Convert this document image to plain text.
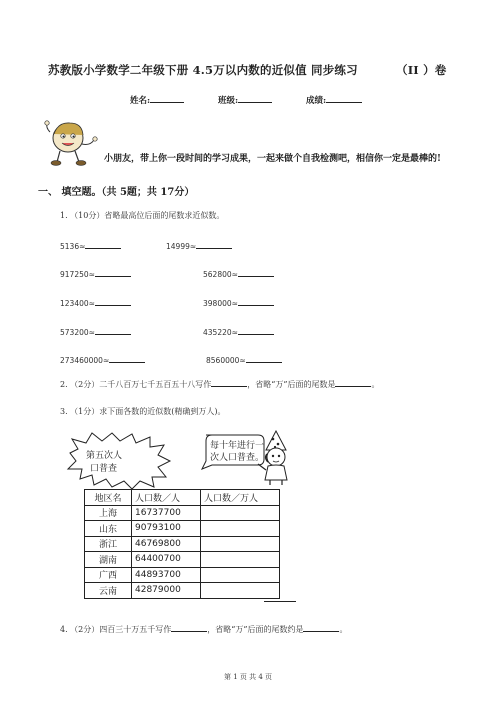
苏教版小学数学二年级下册 4.5万以内数的近似值 同步练习	（II ）卷
姓名:	班级:	成绩:
小朋友，带上你一段时间的学习成果，一起来做个自我检测吧，相信你一定是最棒的!
一、 填空题。（共 5题；共 17分）
1. （10分）省略最高位后面的尾数求近似数。
5136≈	14999≈
917250≈	562800≈
123400≈	398000≈
573200≈	435220≈
273460000≈	8560000≈
2. （2分）二千八百万七千五百五十八写作	，省略“万”后面的尾数是	。
3. （1分）求下面各数的近似数(精确到万人)。
第五次人
口普查
每十年进行一
次人口普查。
地区名	人口数／人	人口数／万人
上海	16737700	
山东	90793100	
浙江	46769800	
湖南	64400700	
广西	44893700	
云南	42879000	
4. （2分）四百三十万五千写作	，省略“万”后面的尾数约是	。
第 1 页 共 4 页
